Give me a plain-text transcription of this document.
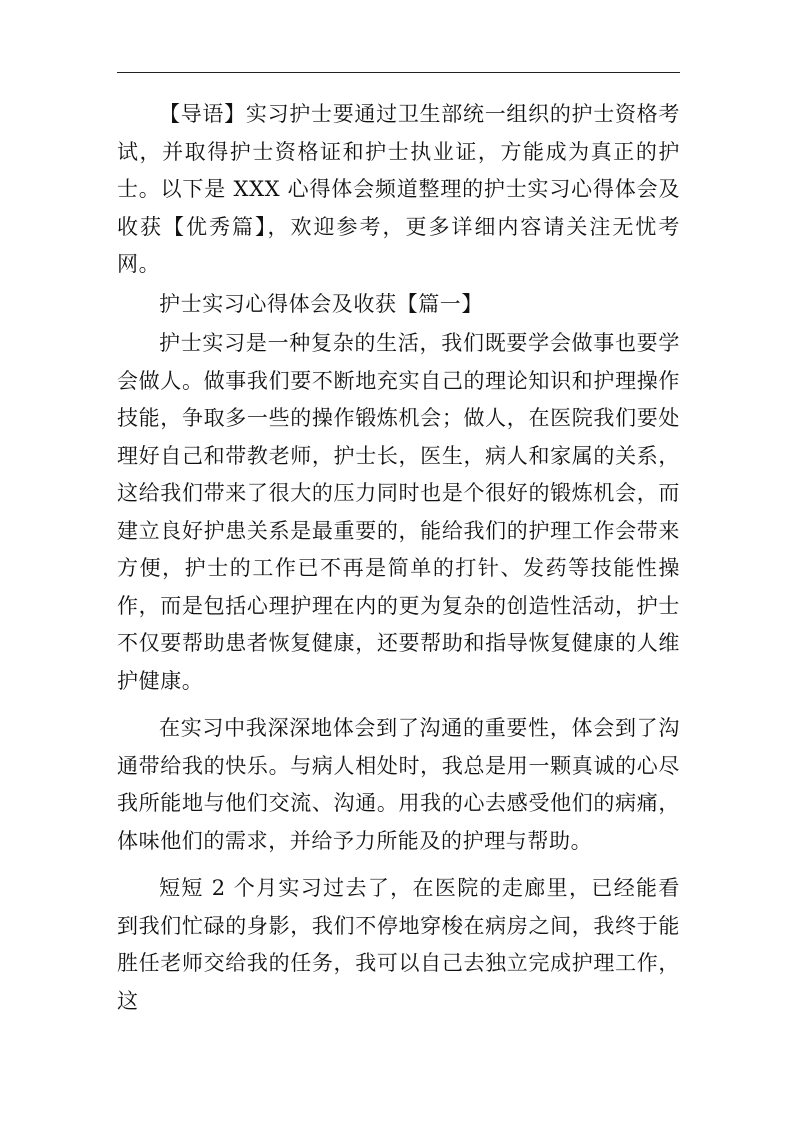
【导语】实习护士要通过卫生部统一组织的护士资格考试，并取得护士资格证和护士执业证，方能成为真正的护士。以下是 XXX 心得体会频道整理的护士实习心得体会及收获【优秀篇】，欢迎参考，更多详细内容请关注无忧考网。

护士实习心得体会及收获【篇一】

护士实习是一种复杂的生活，我们既要学会做事也要学会做人。做事我们要不断地充实自己的理论知识和护理操作技能，争取多一些的操作锻炼机会；做人，在医院我们要处理好自己和带教老师，护士长，医生，病人和家属的关系，这给我们带来了很大的压力同时也是个很好的锻炼机会，而建立良好护患关系是最重要的，能给我们的护理工作会带来方便，护士的工作已不再是简单的打针、发药等技能性操作，而是包括心理护理在内的更为复杂的创造性活动，护士不仅要帮助患者恢复健康，还要帮助和指导恢复健康的人维护健康。

在实习中我深深地体会到了沟通的重要性，体会到了沟通带给我的快乐。与病人相处时，我总是用一颗真诚的心尽我所能地与他们交流、沟通。用我的心去感受他们的病痛，体味他们的需求，并给予力所能及的护理与帮助。

短短 2 个月实习过去了，在医院的走廊里，已经能看到我们忙碌的身影，我们不停地穿梭在病房之间，我终于能胜任老师交给我的任务，我可以自己去独立完成护理工作，这
